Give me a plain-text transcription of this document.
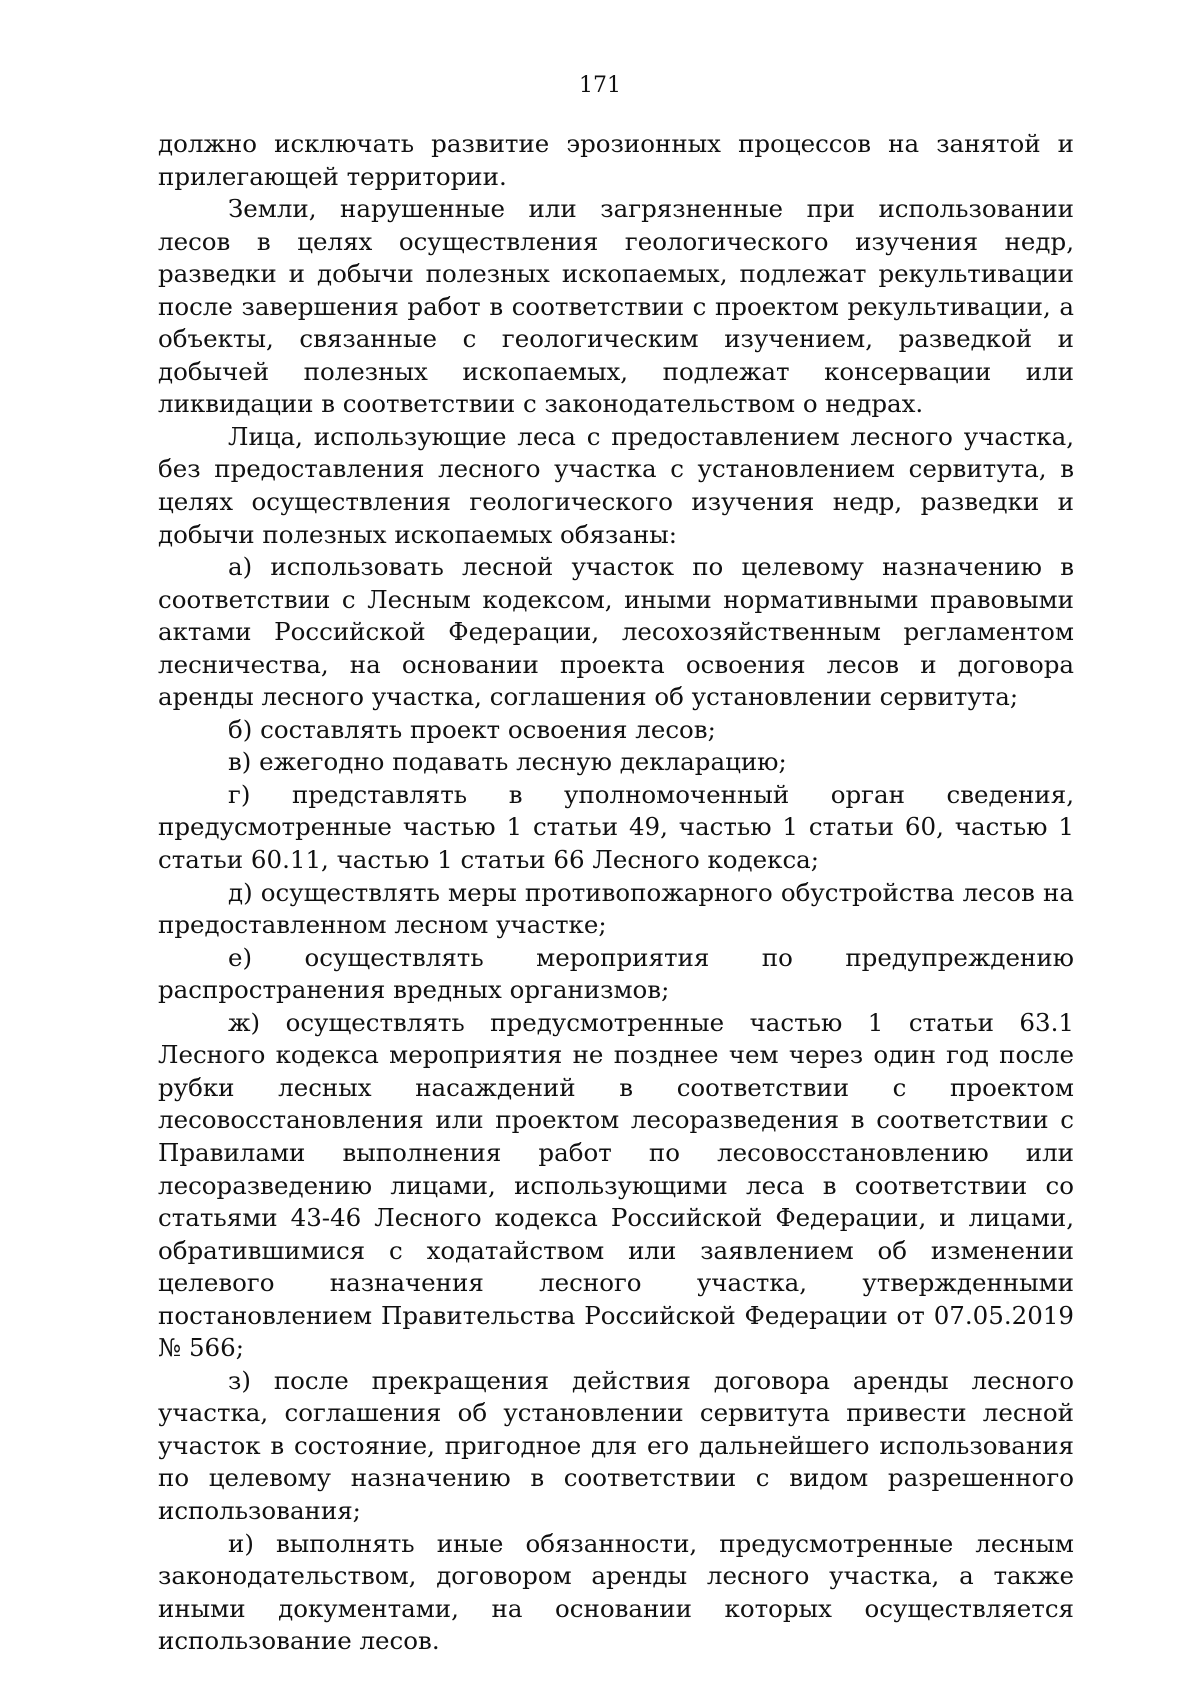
171

должно исключать развитие эрозионных процессов на занятой и прилегающей территории.

Земли, нарушенные или загрязненные при использовании лесов в целях осуществления геологического изучения недр, разведки и добычи полезных ископаемых, подлежат рекультивации после завершения работ в соответствии с проектом рекультивации, а объекты, связанные с геологическим изучением, разведкой и добычей полезных ископаемых, подлежат консервации или ликвидации в соответствии с законодательством о недрах.

Лица, использующие леса с предоставлением лесного участка, без предоставления лесного участка с установлением сервитута, в целях осуществления геологического изучения недр, разведки и добычи полезных ископаемых обязаны:

а) использовать лесной участок по целевому назначению в соответствии с Лесным кодексом, иными нормативными правовыми актами Российской Федерации, лесохозяйственным регламентом лесничества, на основании проекта освоения лесов и договора аренды лесного участка, соглашения об установлении сервитута;

б) составлять проект освоения лесов;

в) ежегодно подавать лесную декларацию;

г) представлять в уполномоченный орган сведения, предусмотренные частью 1 статьи 49, частью 1 статьи 60, частью 1 статьи 60.11, частью 1 статьи 66 Лесного кодекса;

д) осуществлять меры противопожарного обустройства лесов на предоставленном лесном участке;

е) осуществлять мероприятия по предупреждению распространения вредных организмов;

ж) осуществлять предусмотренные частью 1 статьи 63.1 Лесного кодекса мероприятия не позднее чем через один год после рубки лесных насаждений в соответствии с проектом лесовосстановления или проектом лесоразведения в соответствии с Правилами выполнения работ по лесовосстановлению или лесоразведению лицами, использующими леса в соответствии со статьями 43-46 Лесного кодекса Российской Федерации, и лицами, обратившимися с ходатайством или заявлением об изменении целевого назначения лесного участка, утвержденными постановлением Правительства Российской Федерации от 07.05.2019 № 566;

з) после прекращения действия договора аренды лесного участка, соглашения об установлении сервитута привести лесной участок в состояние, пригодное для его дальнейшего использования по целевому назначению в соответствии с видом разрешенного использования;

и) выполнять иные обязанности, предусмотренные лесным законодательством, договором аренды лесного участка, а также иными документами, на основании которых осуществляется использование лесов.
